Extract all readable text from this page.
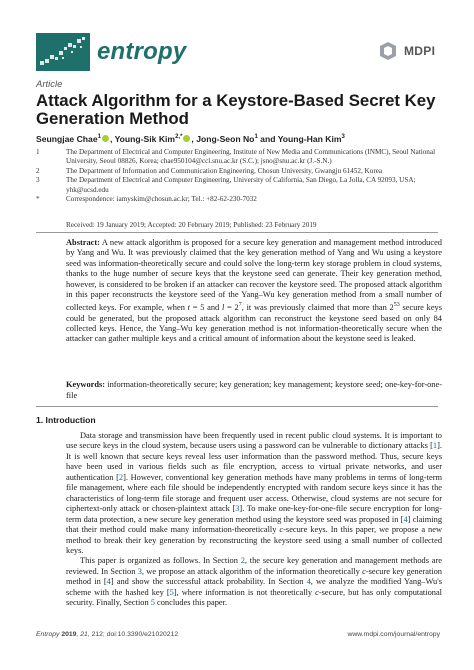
entropy	MDPI
Article
Attack Algorithm for a Keystore-Based Secret Key Generation Method
Seungjae Chae$^1$ , Young-Sik Kim$^{2,*}$ , Jong-Seon No$^1$ and Young-Han Kim$^3$
1	The Department of Electrical and Computer Engineering, Institute of New Media and Communications (INMC), Seoul National University, Seoul 08826, Korea; chae950104@ccl.snu.ac.kr (S.C.); jsno@snu.ac.kr (J.-S.N.)
2	The Department of Information and Communication Engineering, Chosun University, Gwangju 61452, Korea
3	The Department of Electrical and Computer Engineering, University of California, San Diego, La Jolla, CA 92093, USA; yhk@ucsd.edu
*	Correspondence: iamyskim@chosun.ac.kr; Tel.: +82-62-230-7032
Received: 19 January 2019; Accepted: 20 February 2019; Published: 23 February 2019
Abstract: A new attack algorithm is proposed for a secure key generation and management method introduced by Yang and Wu. It was previously claimed that the key generation method of Yang and Wu using a keystore seed was information-theoretically secure and could solve the long-term key storage problem in cloud systems, thanks to the huge number of secure keys that the keystone seed can generate. Their key generation method, however, is considered to be broken if an attacker can recover the keystore seed. The proposed attack algorithm in this paper reconstructs the keystore seed of the Yang–Wu key generation method from a small number of collected keys. For example, when t = 5 and $l = 2^7$, it was previously claimed that more than $2^{53}$ secure keys could be generated, but the proposed attack algorithm can reconstruct the keystone seed based on only 84 collected keys. Hence, the Yang–Wu key generation method is not information-theoretically secure when the attacker can gather multiple keys and a critical amount of information about the keystone seed is leaked.
Keywords: information-theoretically secure; key generation; key management; keystore seed; one-key-for-one-file
1. Introduction

Data storage and transmission have been frequently used in recent public cloud systems. It is important to use secure keys in the cloud system, because users using a password can be vulnerable to dictionary attacks [1]. It is well known that secure keys reveal less user information than the password method. Thus, secure keys have been used in various fields such as file encryption, access to virtual private networks, and user authentication [2]. However, conventional key generation methods have many problems in terms of long-term file management, where each file should be independently encrypted with random secure keys since it has the characteristics of long-term file storage and frequent user access. Otherwise, cloud systems are not secure for ciphertext-only attack or chosen-plaintext attack [3]. To make one-key-for-one-file secure encryption for long-term data protection, a new secure key generation method using the keystore seed was proposed in [4] claiming that their method could make many information-theoretically c-secure keys. In this paper, we propose a new method to break their key generation by reconstructing the keystore seed using a small number of collected keys.

This paper is organized as follows. In Section 2, the secure key generation and management methods are reviewed. In Section 3, we propose an attack algorithm of the information theoretically c-secure key generation method in [4] and show the successful attack probability. In Section 4, we analyze the modified Yang–Wu's scheme with the hashed key [5], where information is not theoretically c-secure, but has only computational security. Finally, Section 5 concludes this paper.

Entropy 2019, 21, 212; doi:10.3390/e21020212	www.mdpi.com/journal/entropy
